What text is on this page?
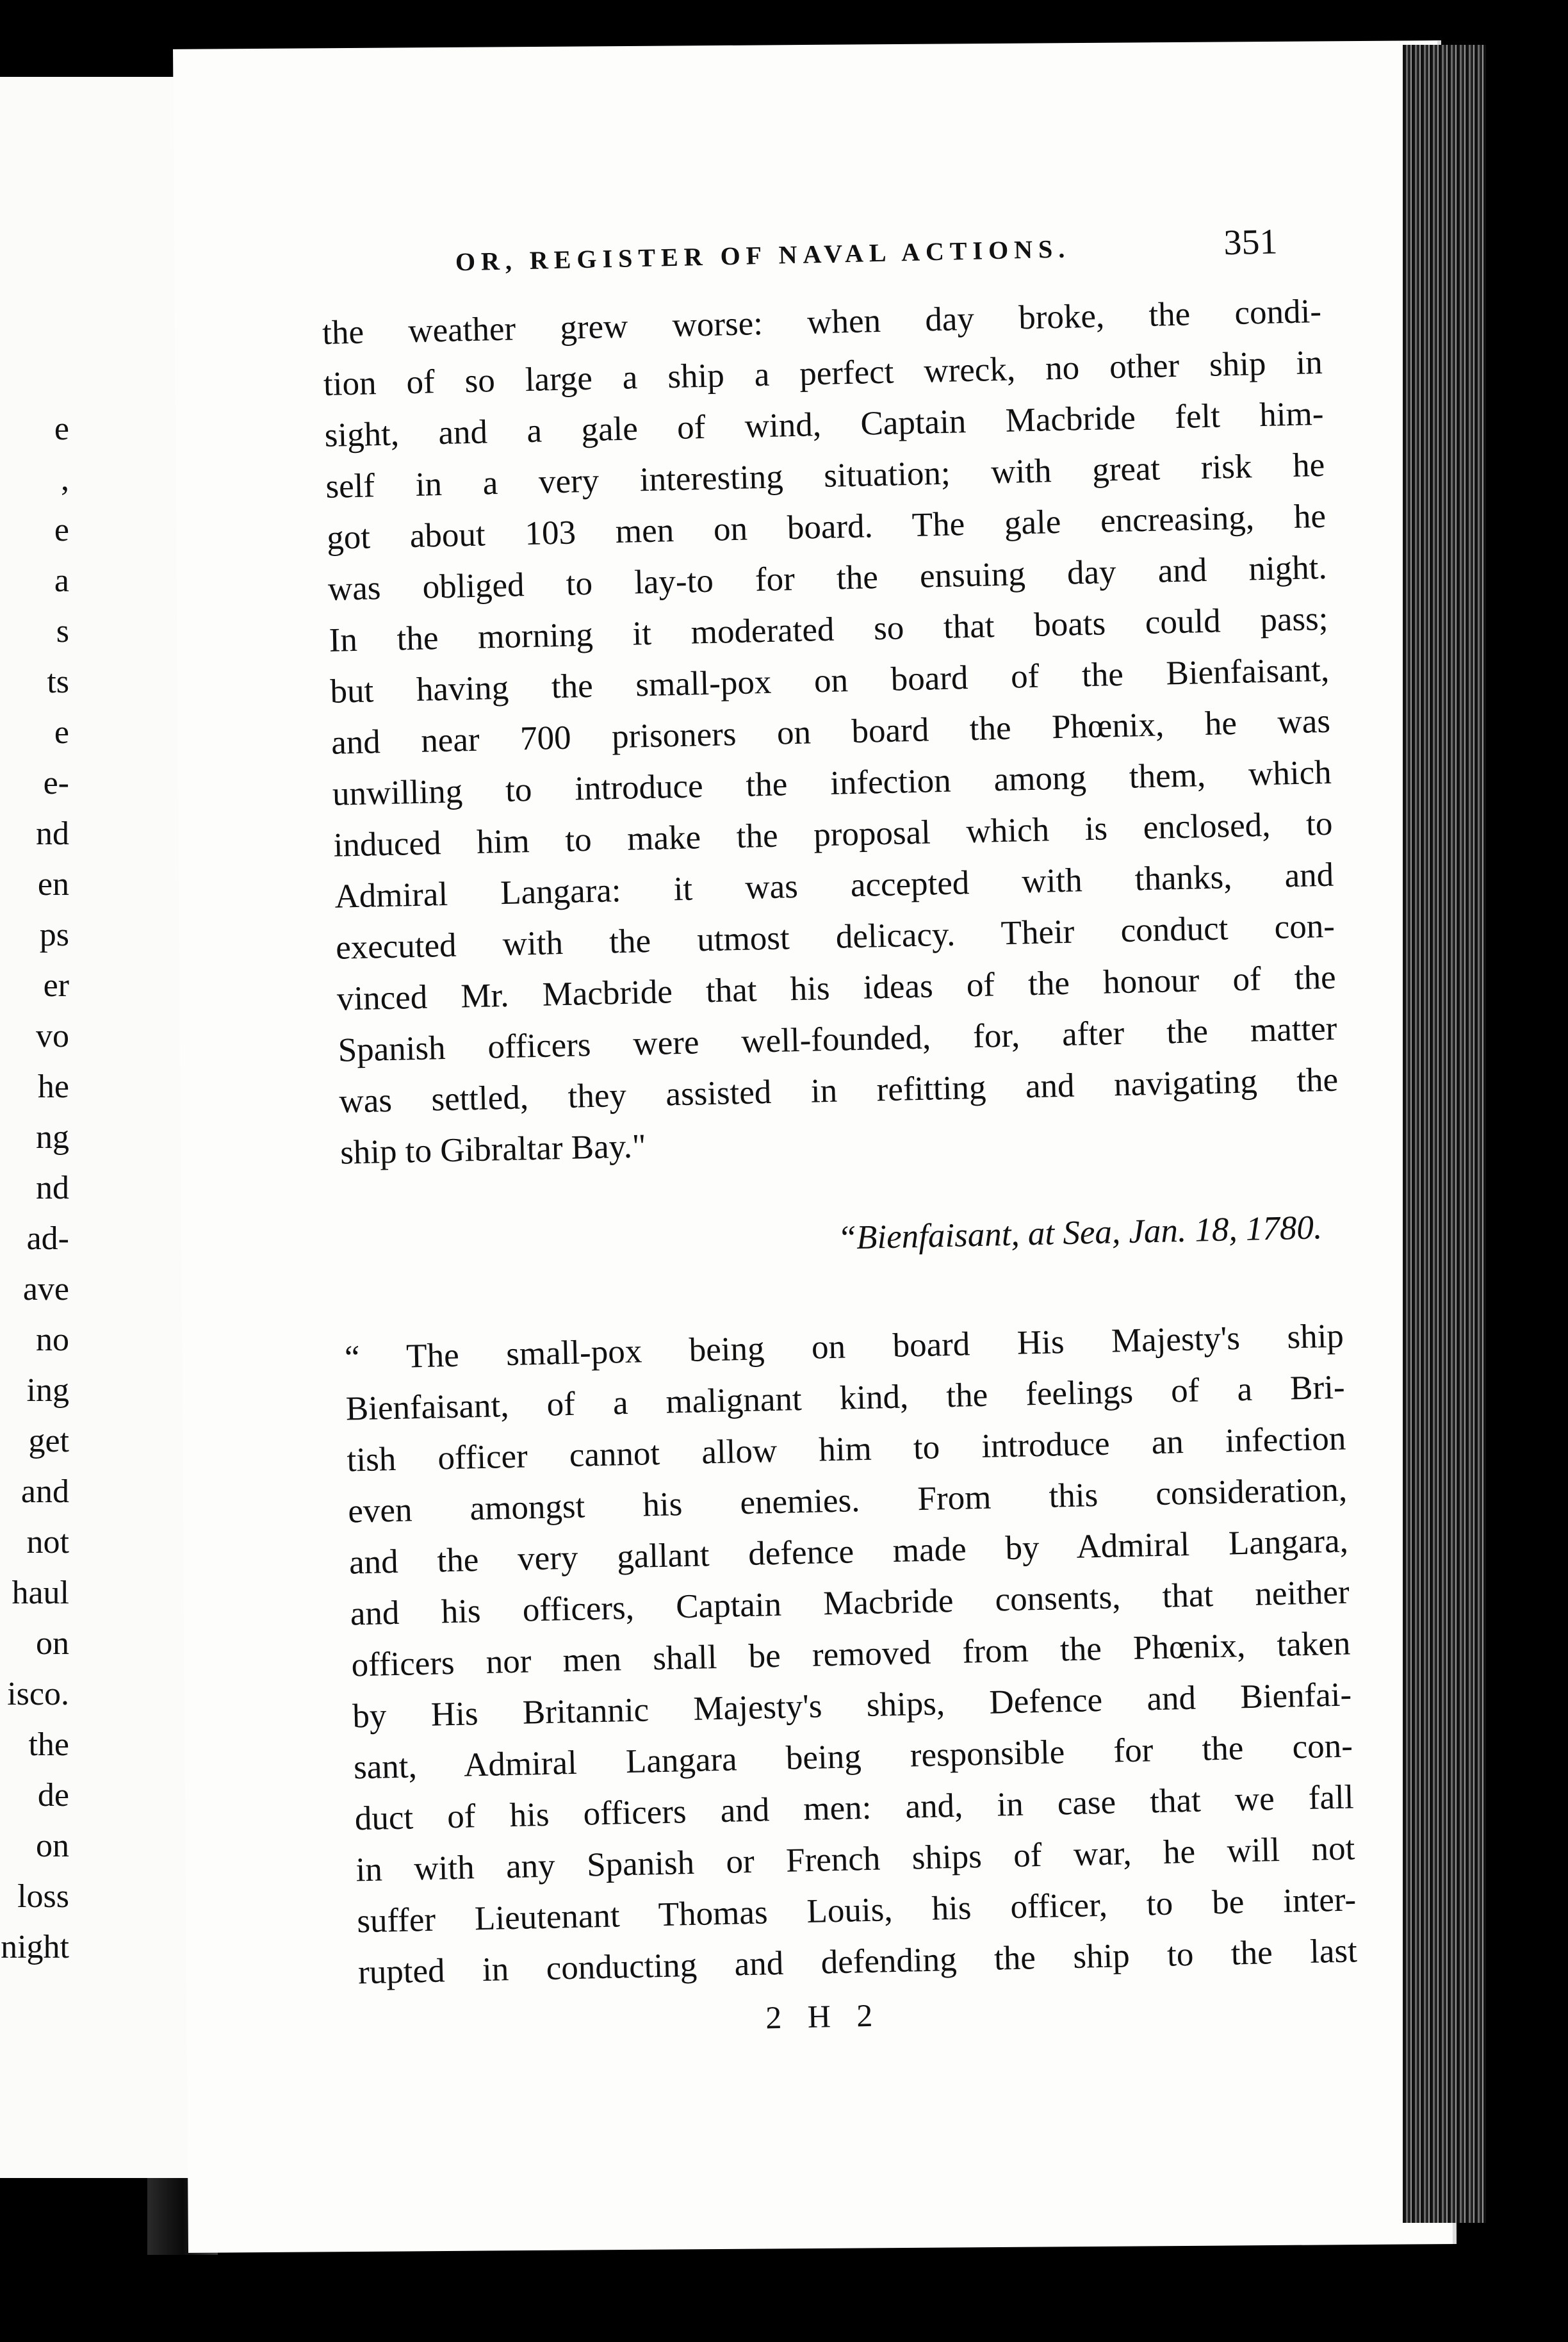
e
,
e
a
s
ts
e
e-
nd
en
ps
er
vo
he
ng
nd
ad-
ave
no
ing
get
and
not
haul
on
isco.
the
de
on
loss
night
OR, REGISTER OF NAVAL ACTIONS.	351
the weather grew worse: when day broke, the condi-
tion of so large a ship a perfect wreck, no other ship in
sight, and a gale of wind, Captain Macbride felt him-
self in a very interesting situation; with great risk he
got about 103 men on board. The gale encreasing, he
was obliged to lay-to for the ensuing day and night.
In the morning it moderated so that boats could pass;
but having the small-pox on board of the Bienfaisant,
and near 700 prisoners on board the Phœnix, he was
unwilling to introduce the infection among them, which
induced him to make the proposal which is enclosed, to
Admiral Langara: it was accepted with thanks, and
executed with the utmost delicacy. Their conduct con-
vinced Mr. Macbride that his ideas of the honour of the
Spanish officers were well-founded, for, after the matter
was settled, they assisted in refitting and navigating the
ship to Gibraltar Bay."
“Bienfaisant, at Sea, Jan. 18, 1780.
“ The small-pox being on board His Majesty's ship
Bienfaisant, of a malignant kind, the feelings of a Bri-
tish officer cannot allow him to introduce an infection
even amongst his enemies. From this consideration,
and the very gallant defence made by Admiral Langara,
and his officers, Captain Macbride consents, that neither
officers nor men shall be removed from the Phœnix, taken
by His Britannic Majesty's ships, Defence and Bienfai-
sant, Admiral Langara being responsible for the con-
duct of his officers and men: and, in case that we fall
in with any Spanish or French ships of war, he will not
suffer Lieutenant Thomas Louis, his officer, to be inter-
rupted in conducting and defending the ship to the last
2 H 2
